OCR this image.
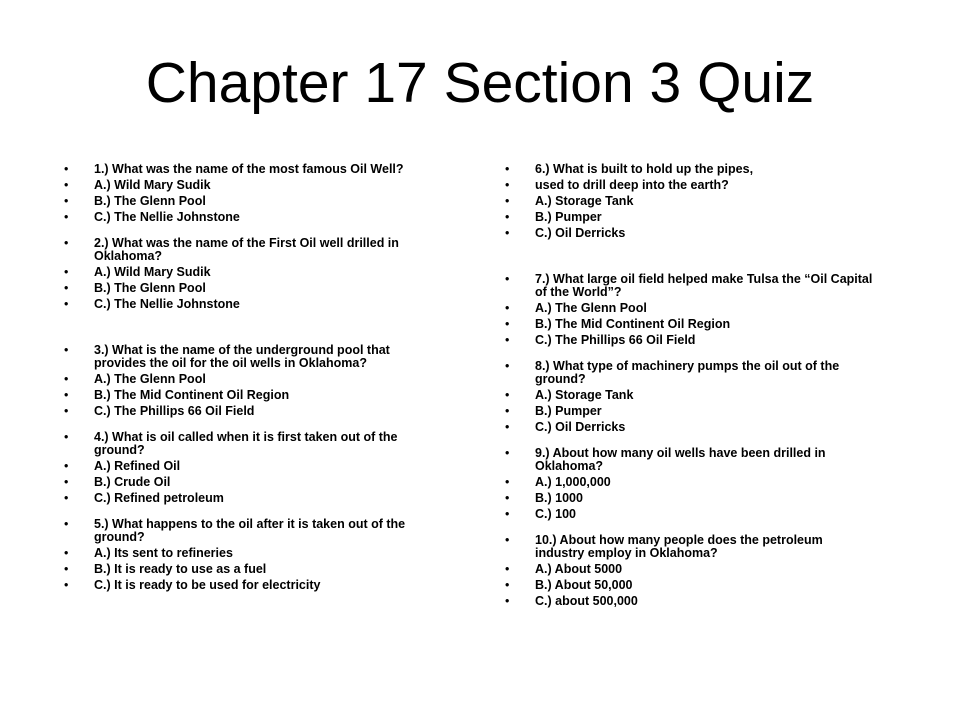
Chapter 17 Section 3 Quiz
• 1.) What was the name of the most famous Oil Well?
• A.) Wild Mary Sudik
• B.) The Glenn Pool
• C.) The Nellie Johnstone
• 2.) What was the name of the First Oil well drilled in Oklahoma?
• A.) Wild Mary Sudik
• B.) The Glenn Pool
• C.) The Nellie Johnstone
• 3.) What is the name of the underground pool that provides the oil for the oil wells in Oklahoma?
• A.) The Glenn Pool
• B.) The Mid Continent Oil Region
• C.) The Phillips 66 Oil Field
• 4.) What is oil called when it is first taken out of the ground?
• A.) Refined Oil
• B.) Crude Oil
• C.) Refined petroleum
• 5.) What happens to the oil after it is taken out of the ground?
• A.) Its sent to refineries
• B.) It is ready to use as a fuel
• C.) It is ready to be used for electricity
• 6.) What is built to hold up the pipes,
• used to drill deep into the earth?
• A.) Storage Tank
• B.) Pumper
• C.) Oil Derricks
• 7.) What large oil field helped make Tulsa the “Oil Capital of the World”?
• A.) The Glenn Pool
• B.) The Mid Continent Oil Region
• C.) The Phillips 66 Oil Field
• 8.) What type of machinery pumps the oil out of the ground?
• A.) Storage Tank
• B.) Pumper
• C.) Oil Derricks
• 9.) About how many oil wells have been drilled in Oklahoma?
• A.) 1,000,000
• B.) 1000
• C.) 100
• 10.) About how many people does the petroleum industry employ in Oklahoma?
• A.) About 5000
• B.) About 50,000
• C.) about 500,000
